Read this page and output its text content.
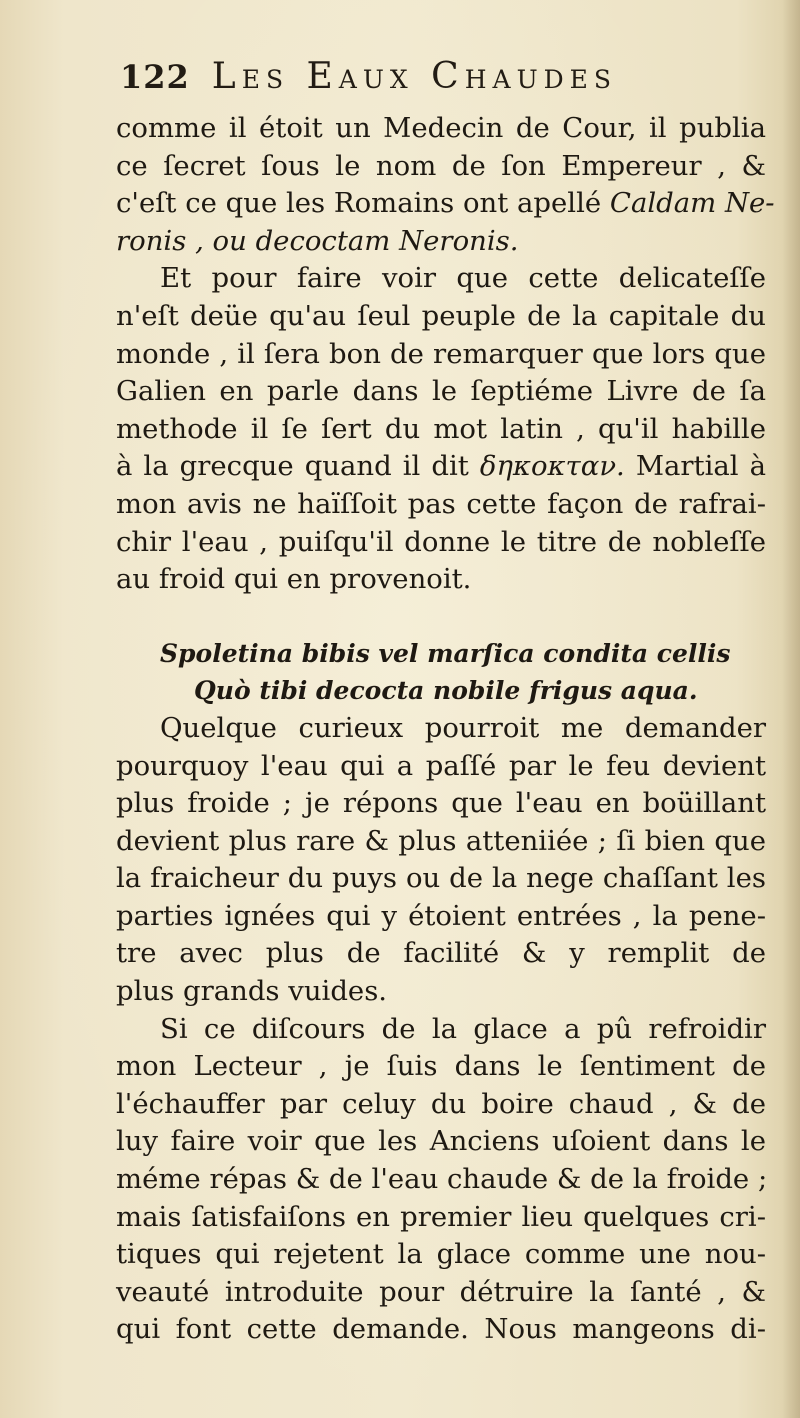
122 Les Eaux Chaudes
comme il étoit un Medecin de Cour, il publia
ce ſecret ſous le nom de ſon Empereur , &
c'eſt ce que les Romains ont apellé Caldam Ne-
ronis , ou decoctam Neronis.
Et pour faire voir que cette delicateſſe
n'eſt deüe qu'au ſeul peuple de la capitale du
monde , il ſera bon de remarquer que lors que
Galien en parle dans le ſeptiéme Livre de ſa
methode il ſe ſert du mot latin , qu'il habille
à la grecque quand il dit δηκοκταν. Martial à
mon avis ne haïſſoit pas cette façon de rafrai-
chir l'eau , puiſqu'il donne le titre de nobleſſe
au froid qui en provenoit.
Spoletina bibis vel marſica condita cellis
Quò tibi decocta nobile frigus aqua.
Quelque curieux pourroit me demander
pourquoy l'eau qui a paſſé par le feu devient
plus froide ; je répons que l'eau en boüillant
devient plus rare & plus atteniiée ; ſi bien que
la fraicheur du puys ou de la nege chaſſant les
parties ignées qui y étoient entrées , la pene-
tre avec plus de facilité & y remplit de
plus grands vuides.
Si ce diſcours de la glace a pû refroidir
mon Lecteur , je ſuis dans le ſentiment de
l'échauffer par celuy du boire chaud , & de
luy faire voir que les Anciens uſoient dans le
méme répas & de l'eau chaude & de la froide ;
mais ſatisfaiſons en premier lieu quelques cri-
tiques qui rejetent la glace comme une nou-
veauté introduite pour détruire la ſanté , &
qui font cette demande. Nous mangeons di-
